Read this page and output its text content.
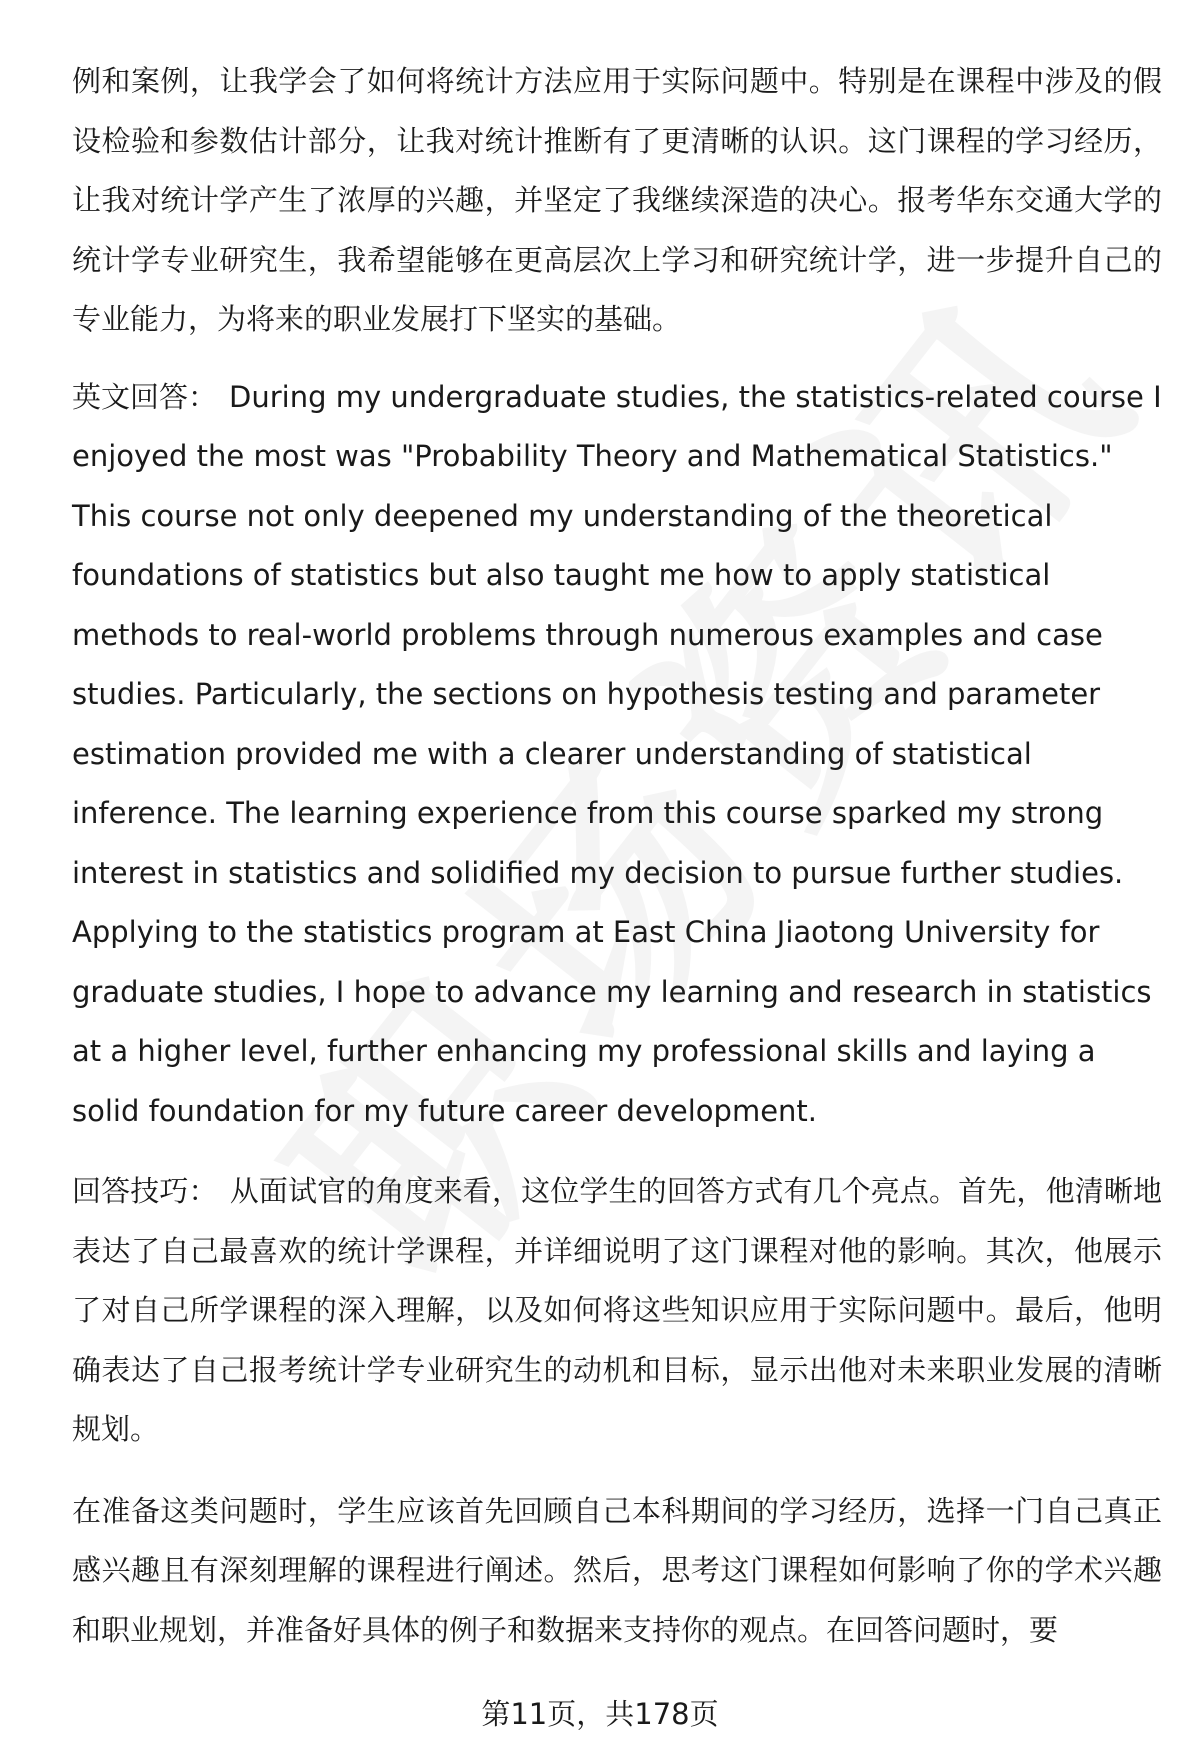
例和案例，让我学会了如何将统计方法应用于实际问题中。特别是在课程中涉及的假设检验和参数估计部分，让我对统计推断有了更清晰的认识。这门课程的学习经历，让我对统计学产生了浓厚的兴趣，并坚定了我继续深造的决心。报考华东交通大学的统计学专业研究生，我希望能够在更高层次上学习和研究统计学，进一步提升自己的专业能力，为将来的职业发展打下坚实的基础。

英文回答： During my undergraduate studies, the statistics-related course I enjoyed the most was "Probability Theory and Mathematical Statistics." This course not only deepened my understanding of the theoretical foundations of statistics but also taught me how to apply statistical methods to real-world problems through numerous examples and case studies. Particularly, the sections on hypothesis testing and parameter estimation provided me with a clearer understanding of statistical inference. The learning experience from this course sparked my strong interest in statistics and solidified my decision to pursue further studies. Applying to the statistics program at East China Jiaotong University for graduate studies, I hope to advance my learning and research in statistics at a higher level, further enhancing my professional skills and laying a solid foundation for my future career development.

回答技巧： 从面试官的角度来看，这位学生的回答方式有几个亮点。首先，他清晰地表达了自己最喜欢的统计学课程，并详细说明了这门课程对他的影响。其次，他展示了对自己所学课程的深入理解，以及如何将这些知识应用于实际问题中。最后，他明确表达了自己报考统计学专业研究生的动机和目标，显示出他对未来职业发展的清晰规划。

在准备这类问题时，学生应该首先回顾自己本科期间的学习经历，选择一门自己真正感兴趣且有深刻理解的课程进行阐述。然后，思考这门课程如何影响了你的学术兴趣和职业规划，并准备好具体的例子和数据来支持你的观点。在回答问题时，要

第11页，共178页
